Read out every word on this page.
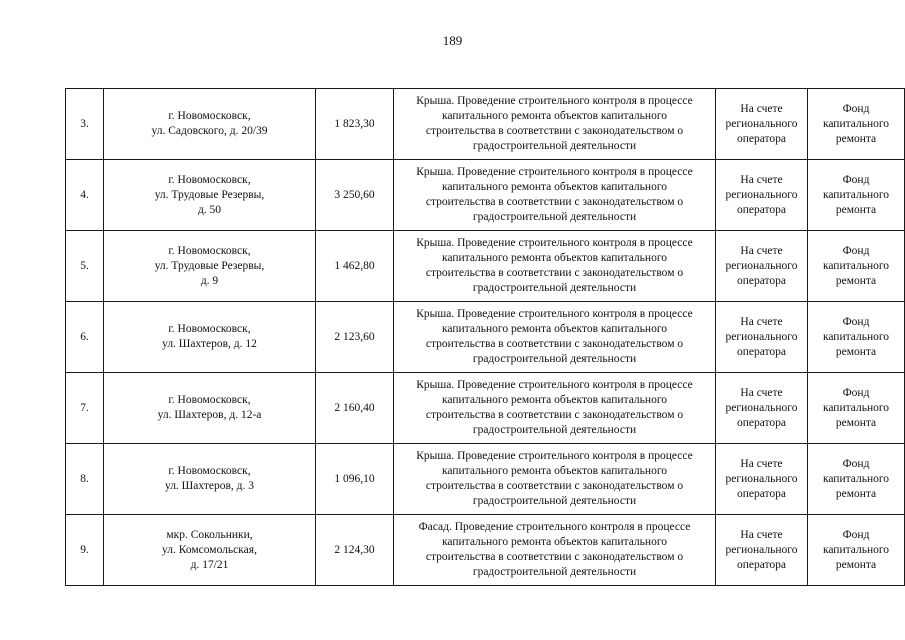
189
3.	г. Новомосковск,
ул. Садовского, д. 20/39	1 823,30	Крыша. Проведение строительного контроля в процессе
капитального ремонта объектов капитального
строительства в соответствии с законодательством о
градостроительной деятельности	На счете
регионального
оператора	Фонд
капитального
ремонта

4.	г. Новомосковск,
ул. Трудовые Резервы,
д. 50	3 250,60	Крыша. Проведение строительного контроля в процессе
капитального ремонта объектов капитального
строительства в соответствии с законодательством о
градостроительной деятельности	На счете
регионального
оператора	Фонд
капитального
ремонта

5.	г. Новомосковск,
ул. Трудовые Резервы,
д. 9	1 462,80	Крыша. Проведение строительного контроля в процессе
капитального ремонта объектов капитального
строительства в соответствии с законодательством о
градостроительной деятельности	На счете
регионального
оператора	Фонд
капитального
ремонта

6.	г. Новомосковск,
ул. Шахтеров, д. 12	2 123,60	Крыша. Проведение строительного контроля в процессе
капитального ремонта объектов капитального
строительства в соответствии с законодательством о
градостроительной деятельности	На счете
регионального
оператора	Фонд
капитального
ремонта

7.	г. Новомосковск,
ул. Шахтеров, д. 12-а	2 160,40	Крыша. Проведение строительного контроля в процессе
капитального ремонта объектов капитального
строительства в соответствии с законодательством о
градостроительной деятельности	На счете
регионального
оператора	Фонд
капитального
ремонта

8.	г. Новомосковск,
ул. Шахтеров, д. 3	1 096,10	Крыша. Проведение строительного контроля в процессе
капитального ремонта объектов капитального
строительства в соответствии с законодательством о
градостроительной деятельности	На счете
регионального
оператора	Фонд
капитального
ремонта

9.	мкр. Сокольники,
ул. Комсомольская,
д. 17/21	2 124,30	Фасад. Проведение строительного контроля в процессе
капитального ремонта объектов капитального
строительства в соответствии с законодательством о
градостроительной деятельности	На счете
регионального
оператора	Фонд
капитального
ремонта
